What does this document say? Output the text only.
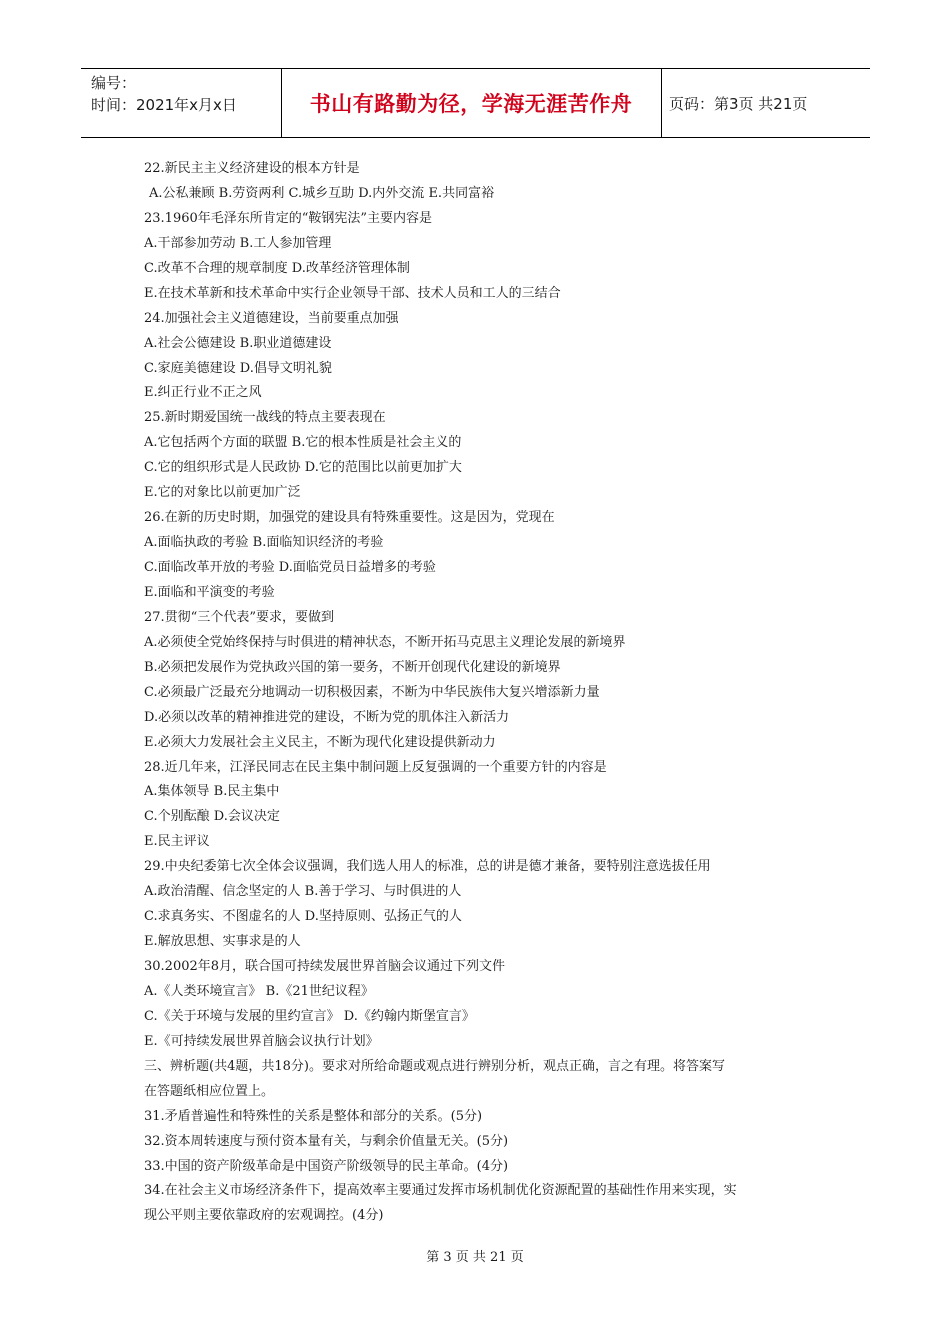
编号：
时间：2021年x月x日	书山有路勤为径，学海无涯苦作舟 页码：第3页 共21页
22.新民主主义经济建设的根本方针是
A.公私兼顾 B.劳资两利 C.城乡互助 D.内外交流 E.共同富裕
23.1960年毛泽东所肯定的“鞍钢宪法”主要内容是
A.干部参加劳动 B.工人参加管理
C.改革不合理的规章制度 D.改革经济管理体制
E.在技术革新和技术革命中实行企业领导干部、技术人员和工人的三结合
24.加强社会主义道德建设，当前要重点加强
A.社会公德建设 B.职业道德建设
C.家庭美德建设 D.倡导文明礼貌
E.纠正行业不正之风
25.新时期爱国统一战线的特点主要表现在
A.它包括两个方面的联盟 B.它的根本性质是社会主义的
C.它的组织形式是人民政协 D.它的范围比以前更加扩大
E.它的对象比以前更加广泛
26.在新的历史时期，加强党的建设具有特殊重要性。这是因为，党现在
A.面临执政的考验 B.面临知识经济的考验
C.面临改革开放的考验 D.面临党员日益增多的考验
E.面临和平演变的考验
27.贯彻“三个代表”要求，要做到
A.必须使全党始终保持与时俱进的精神状态，不断开拓马克思主义理论发展的新境界
B.必须把发展作为党执政兴国的第一要务，不断开创现代化建设的新境界
C.必须最广泛最充分地调动一切积极因素，不断为中华民族伟大复兴增添新力量
D.必须以改革的精神推进党的建设，不断为党的肌体注入新活力
E.必须大力发展社会主义民主，不断为现代化建设提供新动力
28.近几年来，江泽民同志在民主集中制问题上反复强调的一个重要方针的内容是
A.集体领导 B.民主集中
C.个别酝酿 D.会议决定
E.民主评议
29.中央纪委第七次全体会议强调，我们选人用人的标准，总的讲是德才兼备，要特别注意选拔任用
A.政治清醒、信念坚定的人 B.善于学习、与时俱进的人
C.求真务实、不图虚名的人 D.坚持原则、弘扬正气的人
E.解放思想、实事求是的人
30.2002年8月，联合国可持续发展世界首脑会议通过下列文件
A.《人类环境宣言》 B.《21世纪议程》
C.《关于环境与发展的里约宣言》 D.《约翰内斯堡宣言》
E.《可持续发展世界首脑会议执行计划》
三、辨析题(共4题，共18分)。要求对所给命题或观点进行辨别分析，观点正确，言之有理。将答案写
在答题纸相应位置上。
31.矛盾普遍性和特殊性的关系是整体和部分的关系。(5分)
32.资本周转速度与预付资本量有关，与剩余价值量无关。(5分)
33.中国的资产阶级革命是中国资产阶级领导的民主革命。(4分)
34.在社会主义市场经济条件下，提高效率主要通过发挥市场机制优化资源配置的基础性作用来实现，实
现公平则主要依靠政府的宏观调控。(4分)
第 3 页 共 21 页
